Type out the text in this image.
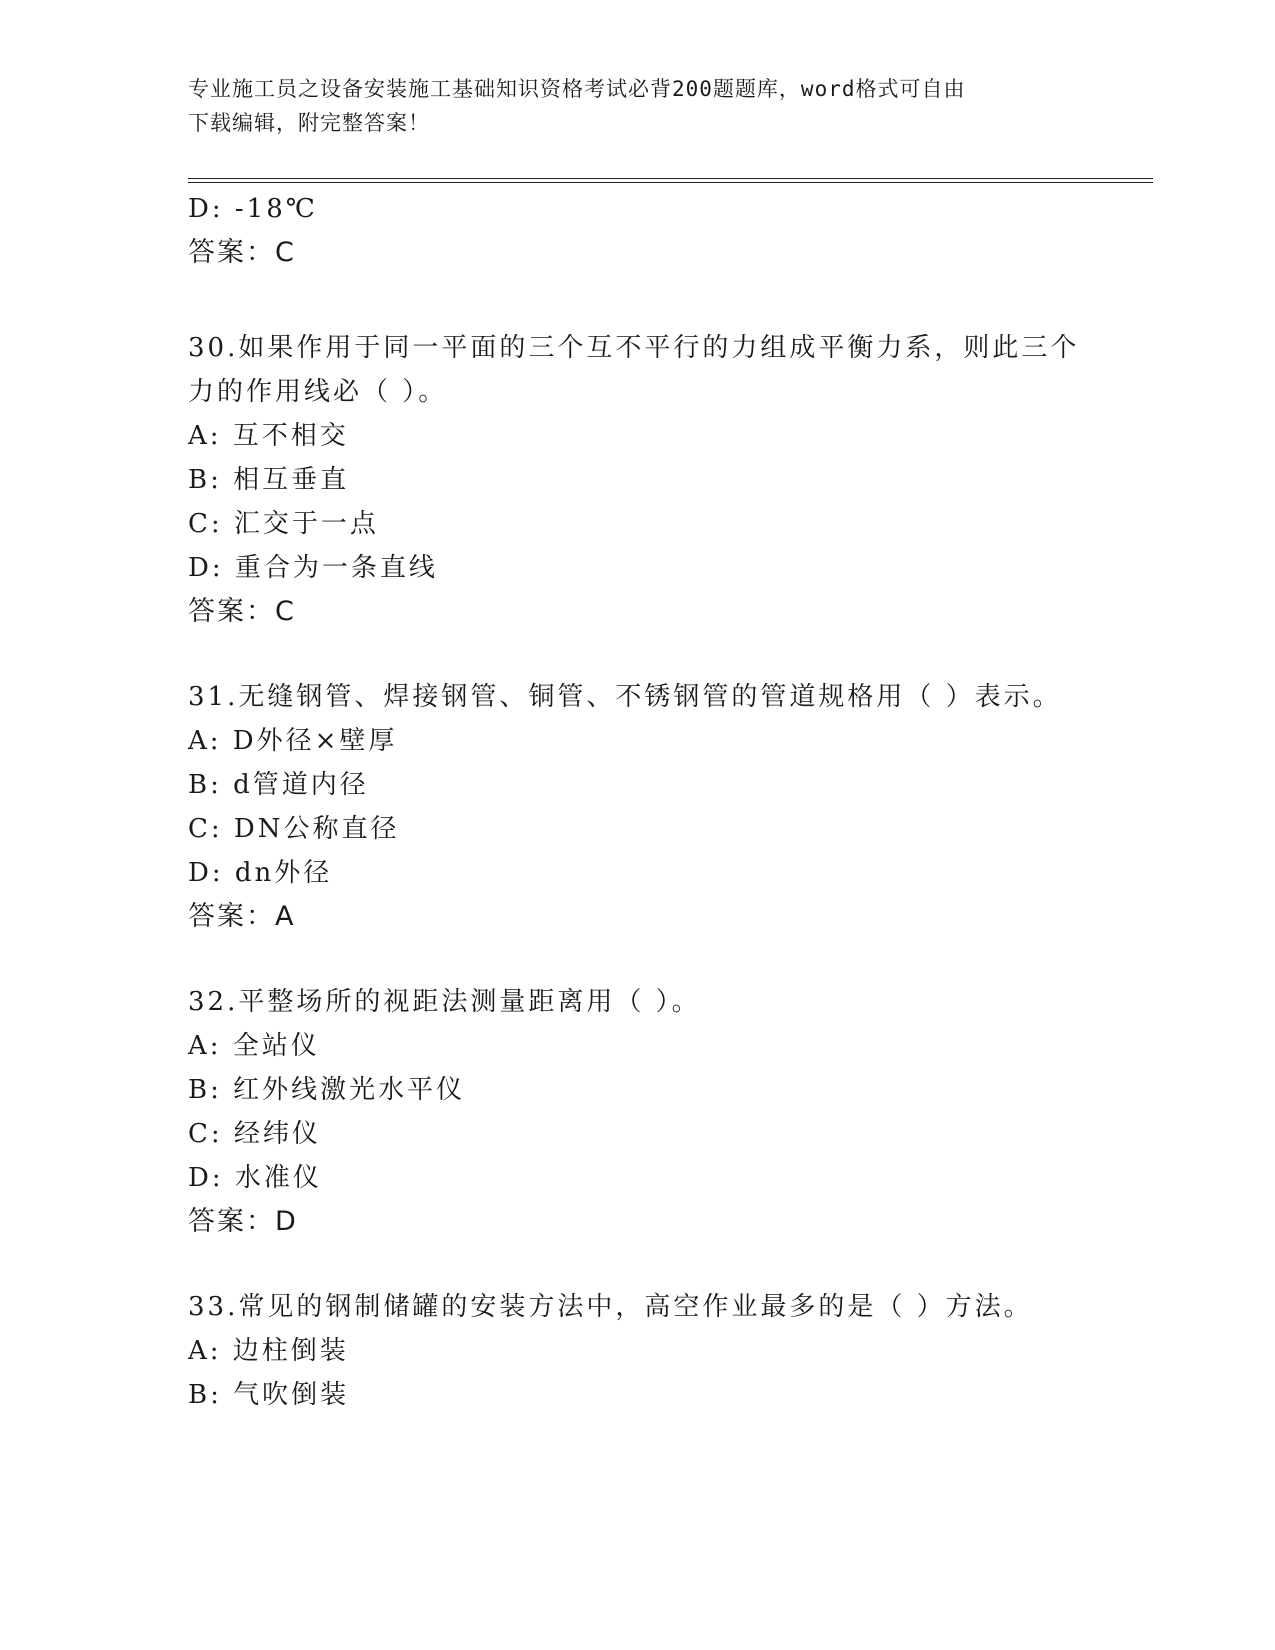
专业施工员之设备安装施工基础知识资格考试必背200题题库，word格式可自由
下载编辑，附完整答案！
D: -18℃
答案：C
30.如果作用于同一平面的三个互不平行的力组成平衡力系，则此三个
力的作用线必（ ）。
A: 互不相交
B: 相互垂直
C: 汇交于一点
D: 重合为一条直线
答案：C
31.无缝钢管、焊接钢管、铜管、不锈钢管的管道规格用（ ）表示。
A: D外径×壁厚
B: d管道内径
C: DN公称直径
D: dn外径
答案：A
32.平整场所的视距法测量距离用（ ）。
A: 全站仪
B: 红外线激光水平仪
C: 经纬仪
D: 水准仪
答案：D
33.常见的钢制储罐的安装方法中，高空作业最多的是（ ）方法。
A: 边柱倒装
B: 气吹倒装
